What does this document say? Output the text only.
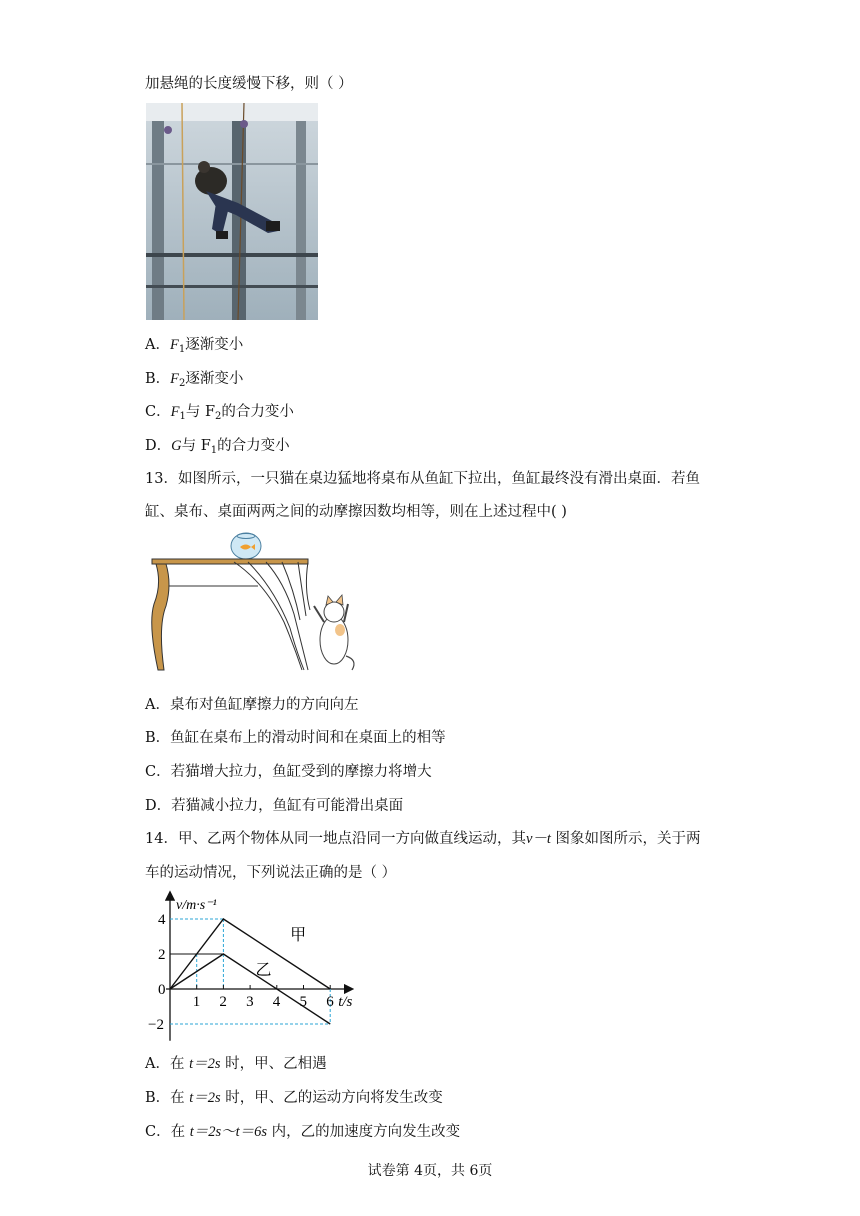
加悬绳的长度缓慢下移，则（ ）
A．$F_1$逐渐变小
B．$F_2$逐渐变小
C．$F_1$与 $F_2$的合力变小
D．G与 $F_1$的合力变小
13．如图所示，一只猫在桌边猛地将桌布从鱼缸下拉出，鱼缸最终没有滑出桌面．若鱼
缸、桌布、桌面两两之间的动摩擦因数均相等，则在上述过程中( )
A．桌布对鱼缸摩擦力的方向向左
B．鱼缸在桌布上的滑动时间和在桌面上的相等
C．若猫增大拉力，鱼缸受到的摩擦力将增大
D．若猫减小拉力，鱼缸有可能滑出桌面
14．甲、乙两个物体从同一地点沿同一方向做直线运动，其v－t 图象如图所示，关于两
车的运动情况，下列说法正确的是（ ）
甲
乙
1 2 3 4 5 6
4
2
0
−2
v/m·s⁻¹
t/s
A．在 t＝2s 时，甲、乙相遇
B．在 t＝2s 时，甲、乙的运动方向将发生改变
C．在 t＝2s～t＝6s 内，乙的加速度方向发生改变
试卷第 4页，共 6页
